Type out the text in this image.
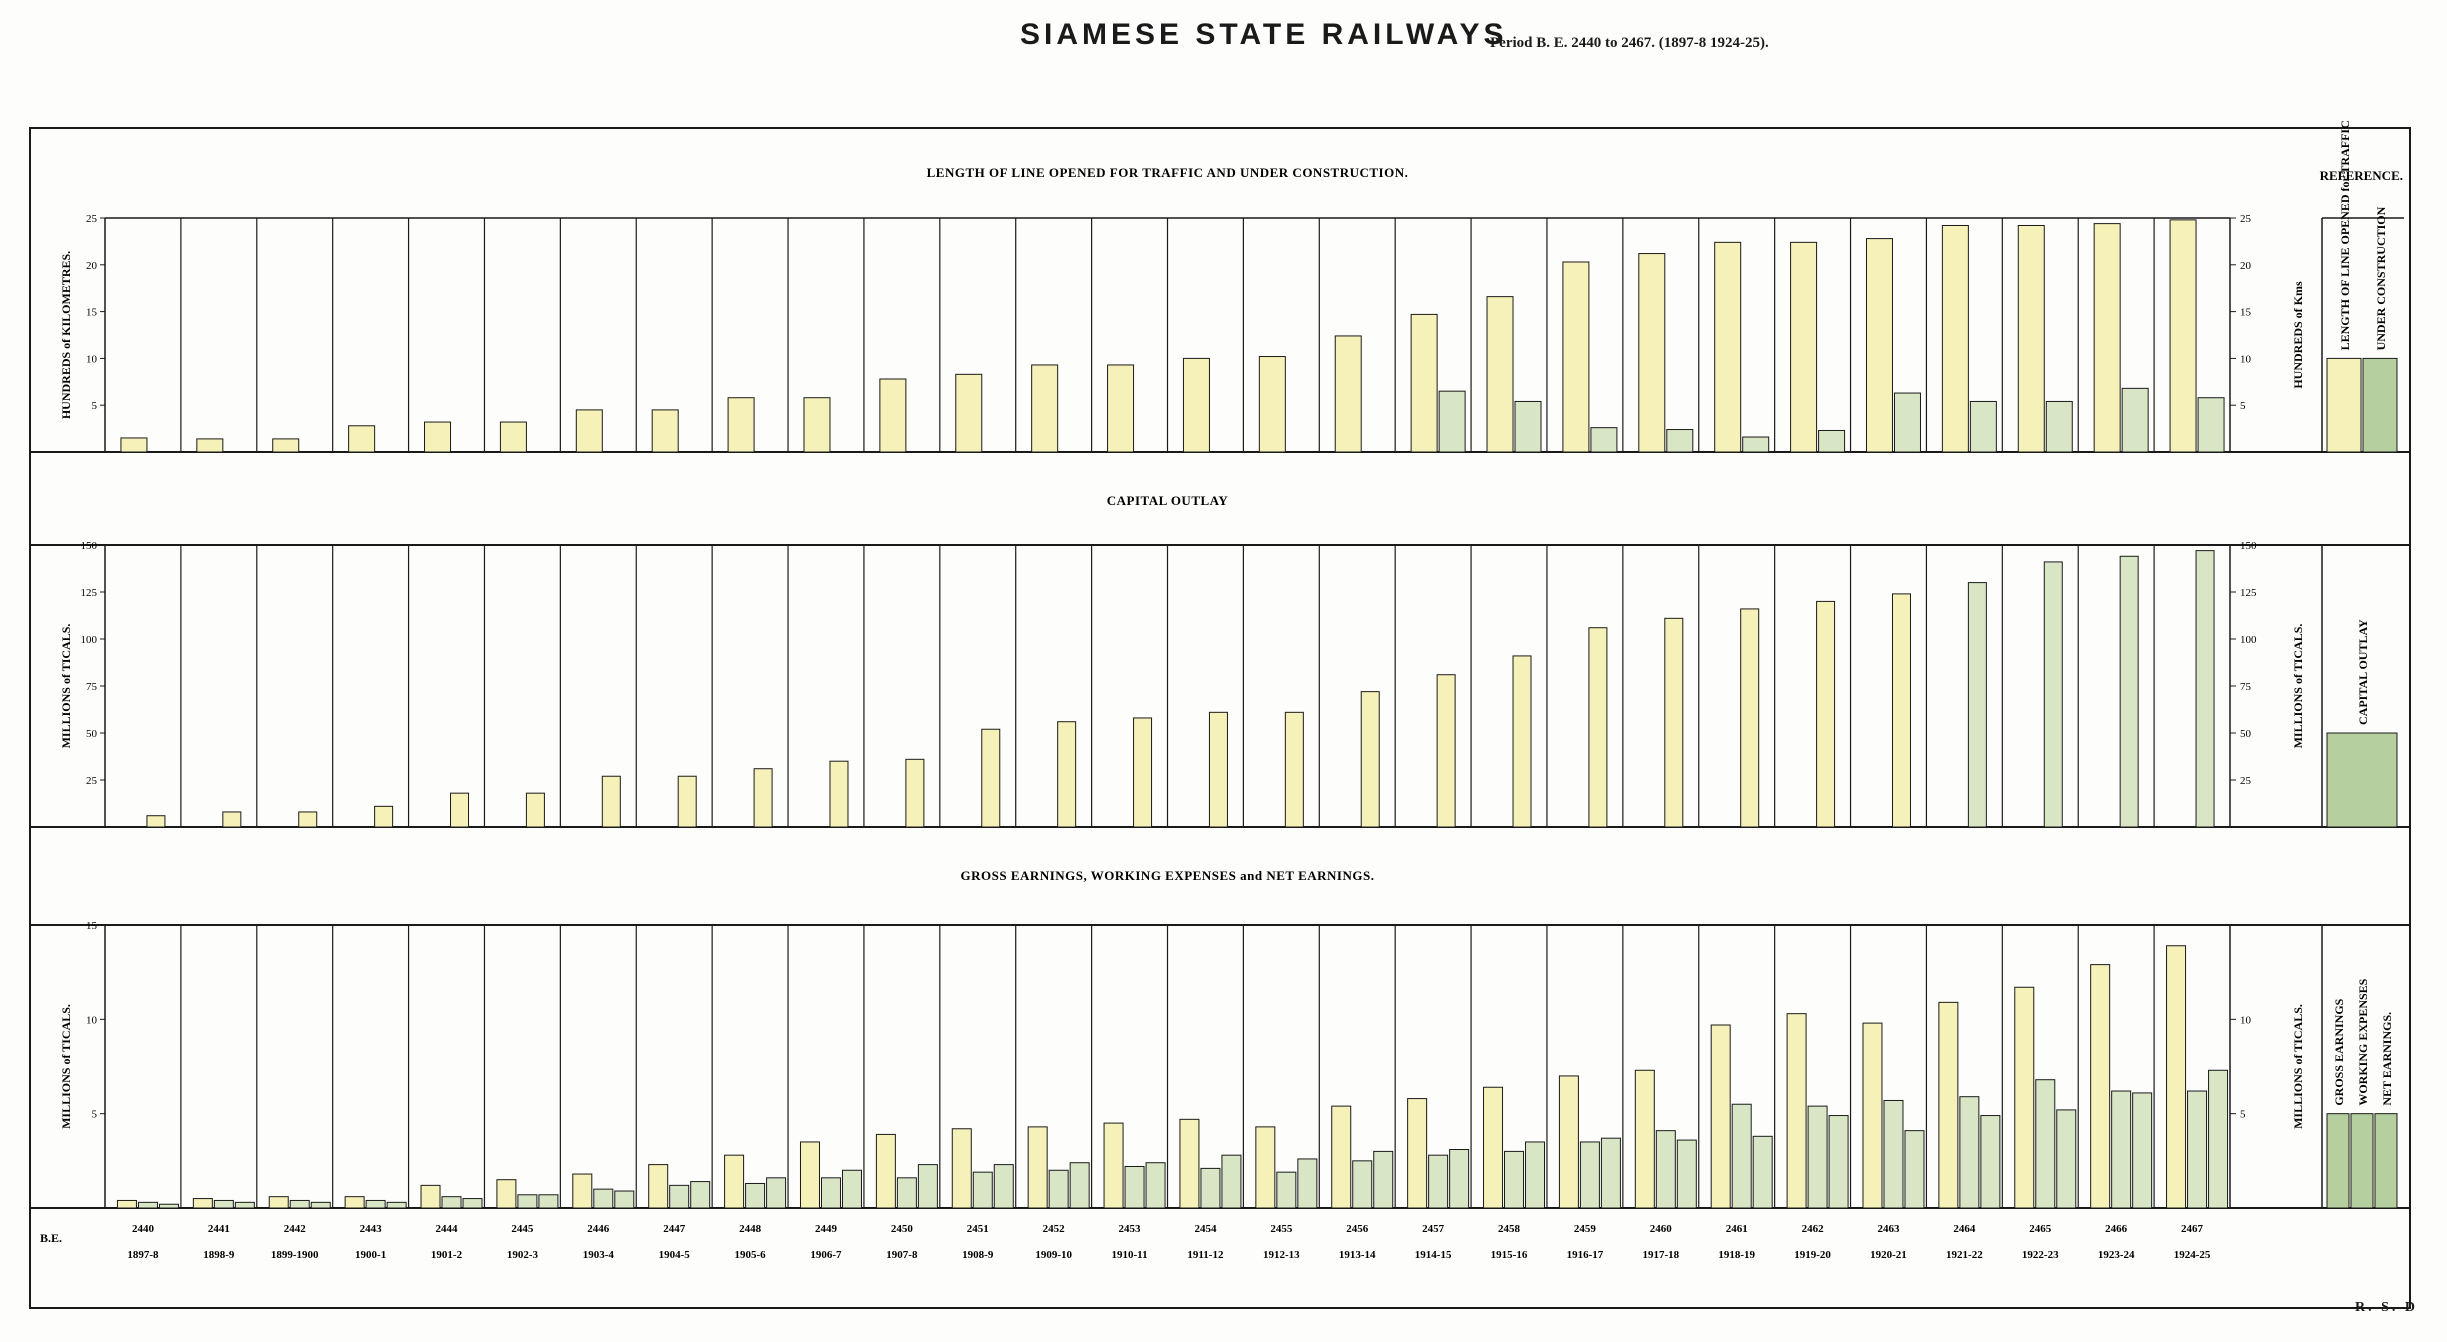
SIAMESE STATE RAILWAYS
Period B. E. 2440 to 2467. (1897-8 1924-25).
R. S. D
REFERENCE.
LENGTH OF LINE OPENED FOR TRAFFIC AND UNDER CONSTRUCTION.
5
10
15
20
25
5
10
15
20
25
HUNDREDS of KILOMETRES.	HUNDREDS of Kms	LENGTH OF LINE OPENED for TRAFFIC UNDER CONSTRUCTION
CAPITAL OUTLAY
25
50
75
100
125
150
25
50
75
100
125
150
MILLIONS of TICALS.	MILLIONS of TICALS.	CAPITAL OUTLAY
GROSS EARNINGS, WORKING EXPENSES and NET EARNINGS.
5
10
15
5
10
MILLIONS of TICALS.	MILLIONS of TICALS. GROSS EARNINGS WORKING EXPENSES NET EARNINGS.
B.E.
2440	2441	2442	2443	2444	2445	2446	2447	2448	2449	2450	2451	2452	2453	2454	2455	2456	2457	2458	2459	2460	2461	2462	2463	2464	2465	2466	2467
1897-8	1898-9	1899-1900	1900-1	1901-2	1902-3	1903-4	1904-5	1905-6	1906-7	1907-8	1908-9	1909-10	1910-11	1911-12	1912-13	1913-14	1914-15	1915-16	1916-17	1917-18	1918-19	1919-20	1920-21	1921-22	1922-23	1923-24	1924-25
